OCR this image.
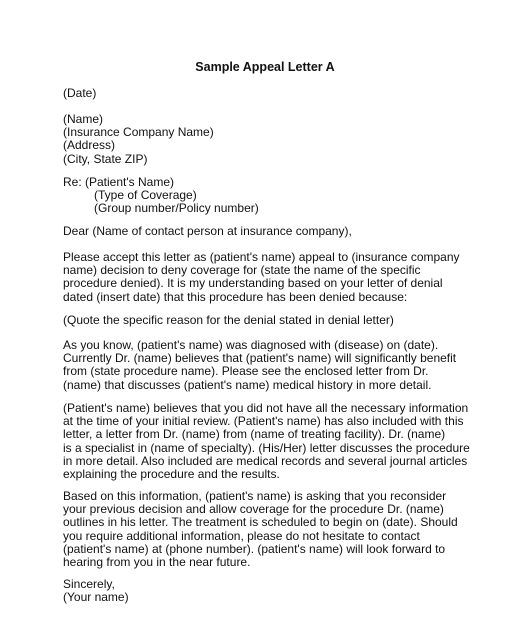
Sample Appeal Letter A
(Date)
(Name)
(Insurance Company Name)
(Address)
(City, State ZIP)
Re: (Patient's Name)
(Type of Coverage)
(Group number/Policy number)
Dear (Name of contact person at insurance company),
Please accept this letter as (patient's name) appeal to (insurance company
name) decision to deny coverage for (state the name of the specific
procedure denied). It is my understanding based on your letter of denial
dated (insert date) that this procedure has been denied because:
(Quote the specific reason for the denial stated in denial letter)
As you know, (patient's name) was diagnosed with (disease) on (date).
Currently Dr. (name) believes that (patient's name) will significantly benefit
from (state procedure name). Please see the enclosed letter from Dr.
(name) that discusses (patient's name) medical history in more detail.
(Patient's name) believes that you did not have all the necessary information
at the time of your initial review. (Patient's name) has also included with this
letter, a letter from Dr. (name) from (name of treating facility). Dr. (name)
is a specialist in (name of specialty). (His/Her) letter discusses the procedure
in more detail. Also included are medical records and several journal articles
explaining the procedure and the results.
Based on this information, (patient's name) is asking that you reconsider
your previous decision and allow coverage for the procedure Dr. (name)
outlines in his letter. The treatment is scheduled to begin on (date). Should
you require additional information, please do not hesitate to contact
(patient's name) at (phone number). (patient's name) will look forward to
hearing from you in the near future.
Sincerely,
(Your name)
